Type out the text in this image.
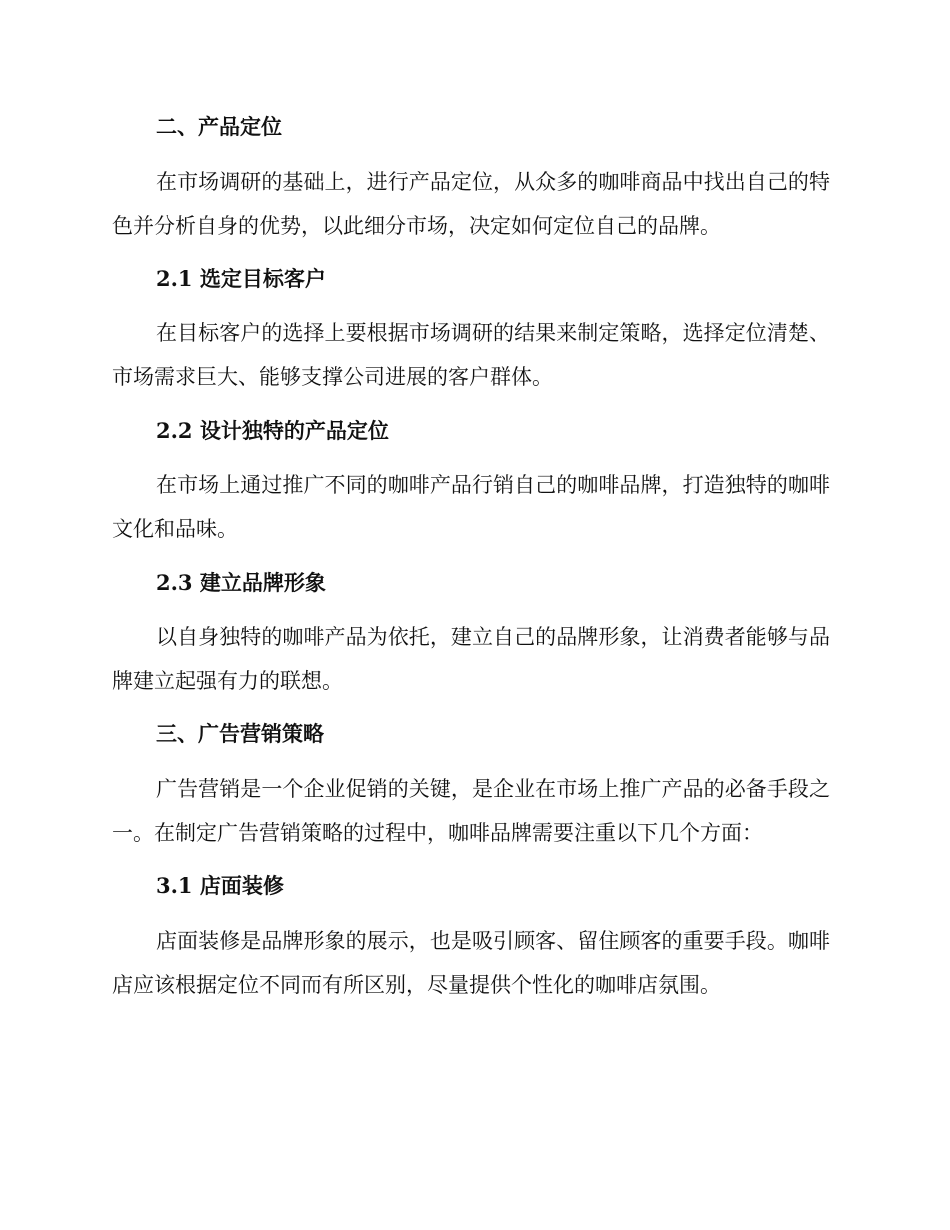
二、产品定位
在市场调研的基础上，进行产品定位，从众多的咖啡商品中找出自己的特色并分析自身的优势，以此细分市场，决定如何定位自己的品牌。
2.1 选定目标客户
在目标客户的选择上要根据市场调研的结果来制定策略，选择定位清楚、市场需求巨大、能够支撑公司进展的客户群体。
2.2 设计独特的产品定位
在市场上通过推广不同的咖啡产品行销自己的咖啡品牌，打造独特的咖啡文化和品味。
2.3 建立品牌形象
以自身独特的咖啡产品为依托，建立自己的品牌形象，让消费者能够与品牌建立起强有力的联想。
三、广告营销策略
广告营销是一个企业促销的关键，是企业在市场上推广产品的必备手段之一。在制定广告营销策略的过程中，咖啡品牌需要注重以下几个方面：
3.1 店面装修
店面装修是品牌形象的展示，也是吸引顾客、留住顾客的重要手段。咖啡店应该根据定位不同而有所区别，尽量提供个性化的咖啡店氛围。
